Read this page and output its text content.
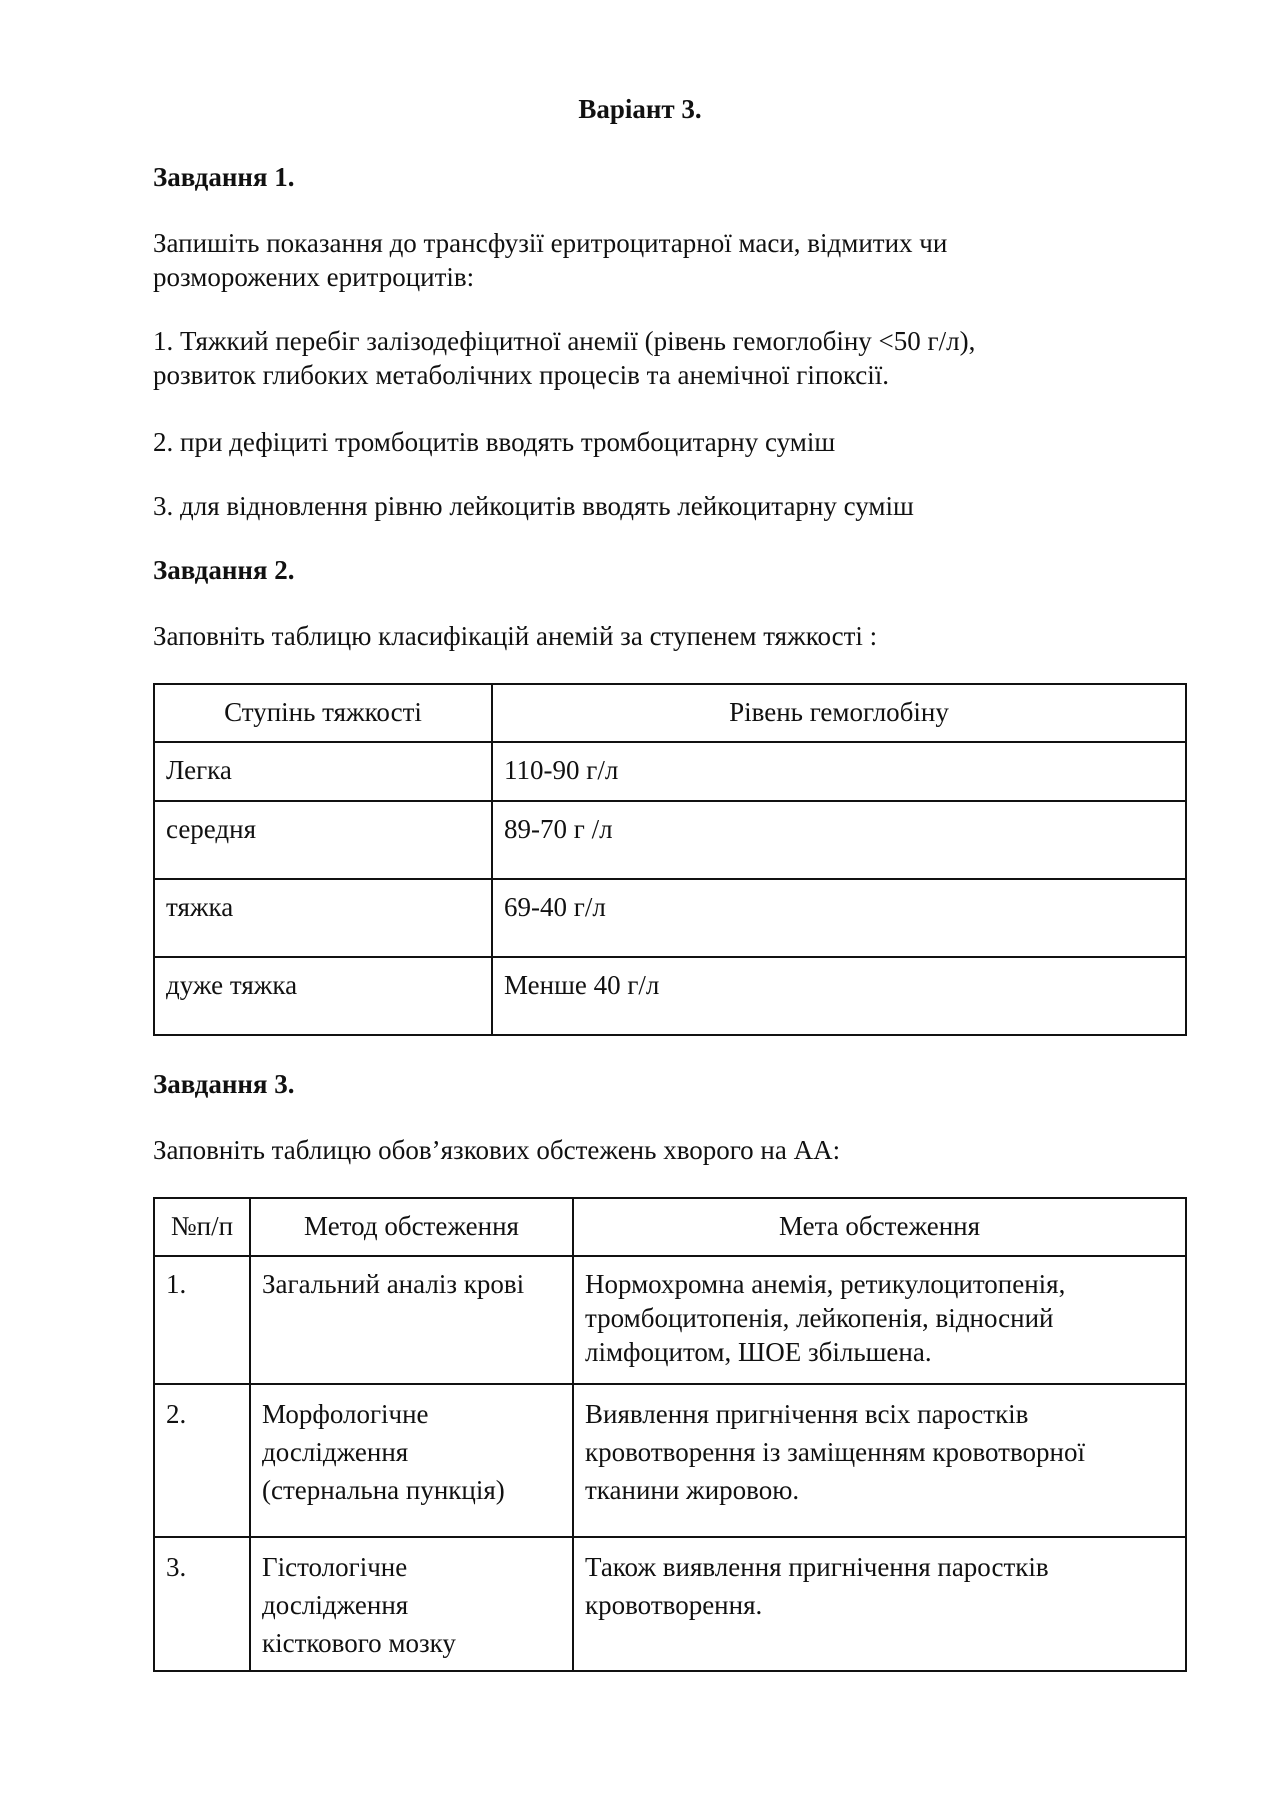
Варіант 3.

Завдання 1.

Запишіть показання до трансфузії еритроцитарної маси, відмитих чи
розморожених еритроцитів:

1. Тяжкий перебіг залізодефіцитної анемії (рівень гемоглобіну <50 г/л),
розвиток глибоких метаболічних процесів та анемічної гіпоксії.

2. при дефіциті тромбоцитів вводять тромбоцитарну суміш

3. для відновлення рівню лейкоцитів вводять лейкоцитарну суміш

Завдання 2.

Заповніть таблицю класифікацій анемій за ступенем тяжкості :

Ступінь тяжкості	Рівень гемоглобіну
Легка	110-90 г/л
середня	89-70 г /л
тяжка	69-40 г/л
дуже тяжка	Менше 40 г/л

Завдання 3.

Заповніть таблицю обов’язкових обстежень хворого на АА:

№п/п	Метод обстеження	Мета обстеження
1.	Загальний аналіз крові	Нормохромна анемія, ретикулоцитопенія,
тромбоцитопенія, лейкопенія, відносний
лімфоцитом, ШОЕ збільшена.
2.	Морфологічне
дослідження
(стернальна пункція)	Виявлення пригнічення всіх паростків
кровотворення із заміщенням кровотворної
тканини жировою.
3.	Гістологічне
дослідження
кісткового мозку	Також виявлення пригнічення паростків
кровотворення.
